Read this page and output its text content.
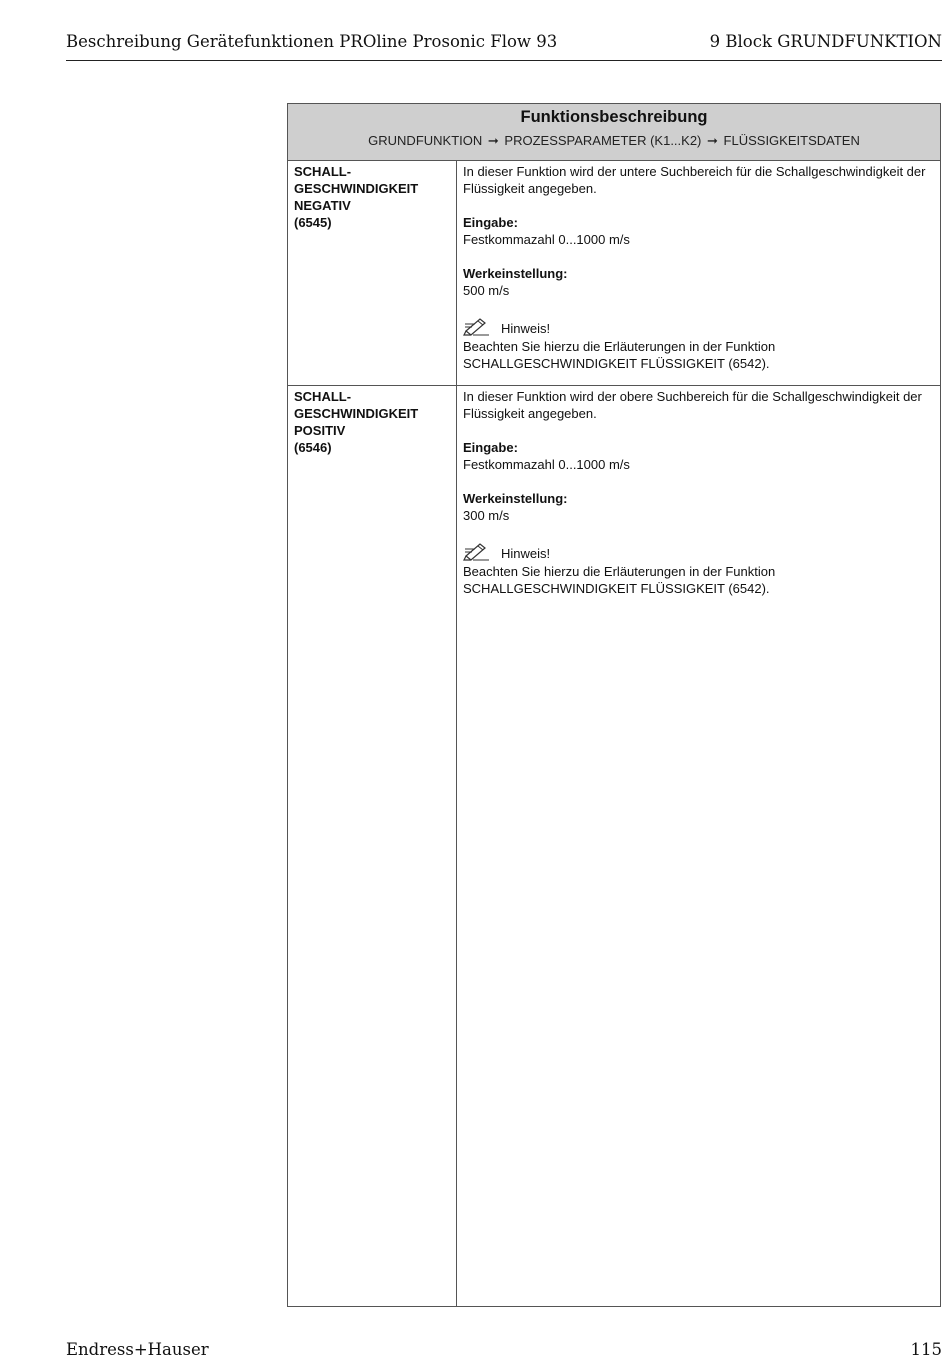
Beschreibung Gerätefunktionen PROline Prosonic Flow 93	9 Block GRUNDFUNKTION
Funktionsbeschreibung
GRUNDFUNKTION ➞ PROZESSPARAMETER (K1...K2) ➞ FLÜSSIGKEITSDATEN
SCHALL-
GESCHWINDIGKEIT
NEGATIV
(6545)

In dieser Funktion wird der untere Suchbereich für die Schallgeschwindigkeit der Flüssigkeit angegeben.

Eingabe:
Festkommazahl 0...1000 m/s
Werkeinstellung:
500 m/s
Hinweis!
Beachten Sie hierzu die Erläuterungen in der Funktion
SCHALLGESCHWINDIGKEIT FLÜSSIGKEIT (6542).
SCHALL-
GESCHWINDIGKEIT
POSITIV
(6546)

In dieser Funktion wird der obere Suchbereich für die Schallgeschwindigkeit der Flüssigkeit angegeben.

Eingabe:
Festkommazahl 0...1000 m/s
Werkeinstellung:
300 m/s
Hinweis!
Beachten Sie hierzu die Erläuterungen in der Funktion
SCHALLGESCHWINDIGKEIT FLÜSSIGKEIT (6542).
Endress+Hauser	115
